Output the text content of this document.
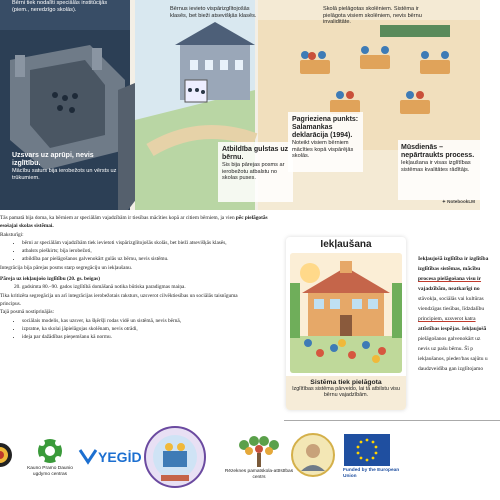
Bērni tiek nodalīti speciālās institūcijās (piem., neredzīgo skolās).	Bērnus ievieto vispārizglītojošās klasēs, bet bieži atsevišķās klasēs.
Skolā pielāgotas skolēniem. Sistēma ir pielāgota visiem skolēniem, nevis bērnu invaliditāte.
Uzsvars uz aprūpi, nevis izglītību.
Mācību saturs bija ierobežots un vērsts uz trūkumiem.
Atbildība gulstas uz bērnu.
Sis bija pārejas posms ar ierobežotu atbalstu no skolas puses.
Pagrieziena punkts: Salamankas deklarācija (1994).
Noteikt visiem bērniem mācīties kopā vispārējās skolās.
Mūsdienās – nepārtraukts process.
Iekļaušana ir visas izglītības sistēmas kvalitātes rādītājs.
✦ NotebookLM

Tās pamatā bija doma, ka bērniem ar speciālām vajadzībām ir tiesības mācīties kopā ar citiem bērniem, ja vien pēc pielāgotās esošajai skolas sistēmai.

Raksturīgi:

• bērni ar speciālām vajadzībām tiek ievietoti vispārizglītojošās skolās, bet bieži atsevišķās klasēs,
• atbalsts pieškirts; bija ierobežoti,
• atbildība par pielāgošanos galvenokārt gulās uz bērnu, nevis sistēmu.

Integrācija bija pārejas posms starp segregāciju un iekļaušanu.

Pāreja uz iekļaujošo izglītību (20. gs. beigas)

20. gadsimta 80.–90. gados izglītībā domāšanā notika būtiska paradigmas maiņa.

Tika kritizēta segregācija un arī integrācijas ierobežotais raksturs, uzsverot cilvēktiesības un sociālās taisnīguma

principus.

Tajā posmā nostiprinājās:

• sociālais modelis, kas uzsver, ka šķēršļi rodas vidē un sistēmā, nevis bērnā,
• izpratne, ka skolai jāpielāgojas skolēnam, nevis otrādi,
• ideja par dažādības pieņemšanu kā normu.
Iekļaušana
Sistēma tiek pielāgota
Izglītības sistēma pārveido, lai tā atbilstu visu bērnu vajadzībām.
Iekļaujošā izglītība ir izglītība
izglītības sistēmas, mācību
procesa pielāgošana visu ir
vajadzībām, neatkarīgi no
stāvokļa, sociālās vai kultūras
viendzīgas tiesības, līdzdalību
principiem, uzsverot katra
attīstības iespējas. Iekļaujošā
pielāgošanos galvenokārt uz
nevis uz pašu bērnu. Šī p
iekļaušanos, pieder/bas sajūtu u
daudzveidība gan izglītojamo
Kauno Pramo Daunio ugdymo centras
YEGİD
Rēzeknes pamatskola-attīstības centrs
Funded by the European Union
